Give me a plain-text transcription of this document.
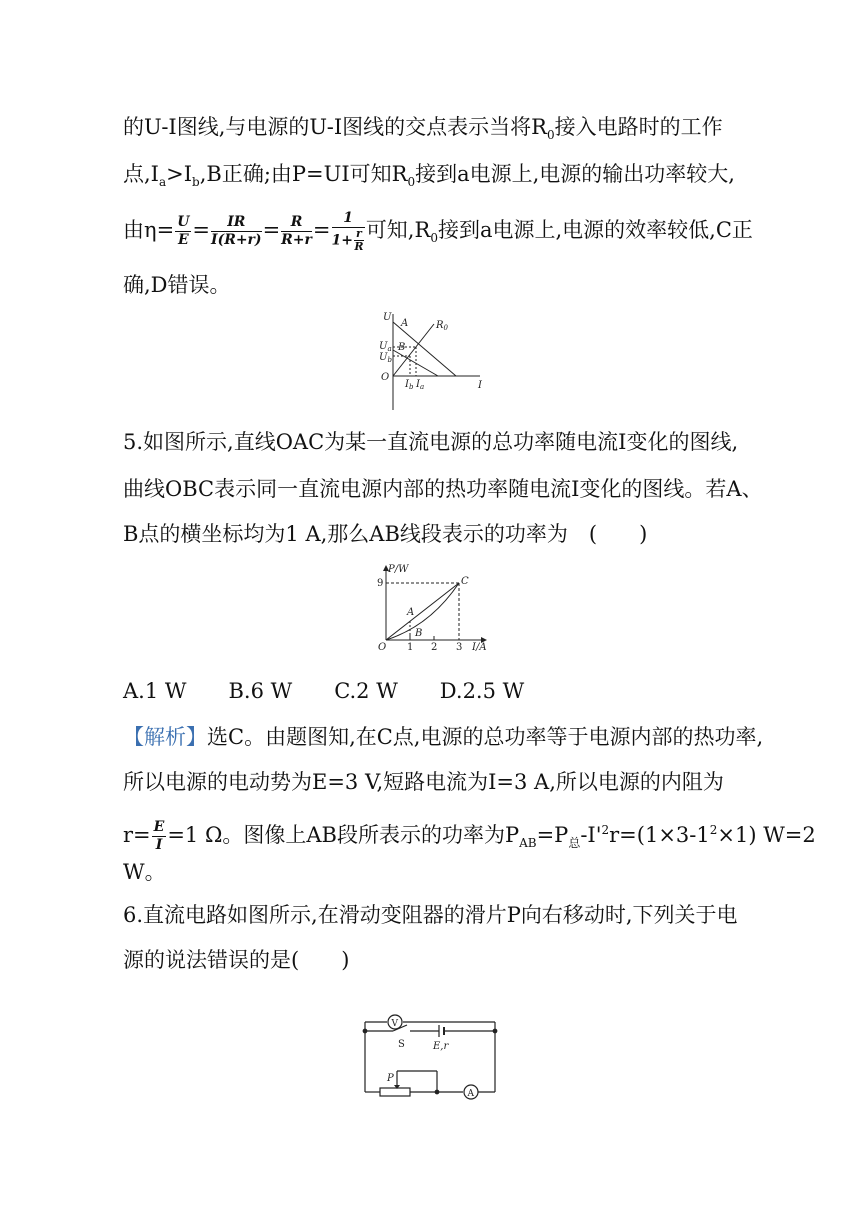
的U-I图线,与电源的U-I图线的交点表示当将$R_0$接入电路时的工作
点$,I_a>I_b,B$正确;由P=UI可知$R_0$接到a电源上,电源的输出功率较大,
由$\eta= \frac{U}{E} = \frac{IR}{I(R+r)} = \frac{R}{R+r} = \frac{1}{1+ \frac{r}{R}}$ 可知$,R_0$接到a电源上,电源的效率较低,C正
确,D错误。
U
A	$R_0$
$U_a$ B
$U_b$
O
$I_b$ $I_a$	I
5.如图所示,直线OAC为某一直流电源的总功率随电流I变化的图线,
曲线OBC表示同一直流电源内部的热功率随电流I变化的图线。若A、
B点的横坐标均为1 A,那么AB线段表示的功率为　(　　)
P/W
9	C
A
B
O 1 2 3 I/A
A.1 W　　B.6 W　　C.2 W　　D.2.5 W
【解析】选C。由题图知,在C点,电源的总功率等于电源内部的热功率,
所以电源的电动势为E=3 V,短路电流为I=3 A,所以电源的内阻为
$r= \frac{E}{I} =1$ Ω。图像上AB段所表示的功率为$P_{AB}=P_总-I'^2r=(1\times 3-1^2\times 1)$ W=2
W。
6.直流电路如图所示,在滑动变阻器的滑片P向右移动时,下列关于电
源的说法错误的是(　　)
V
S	E,r
P
A
